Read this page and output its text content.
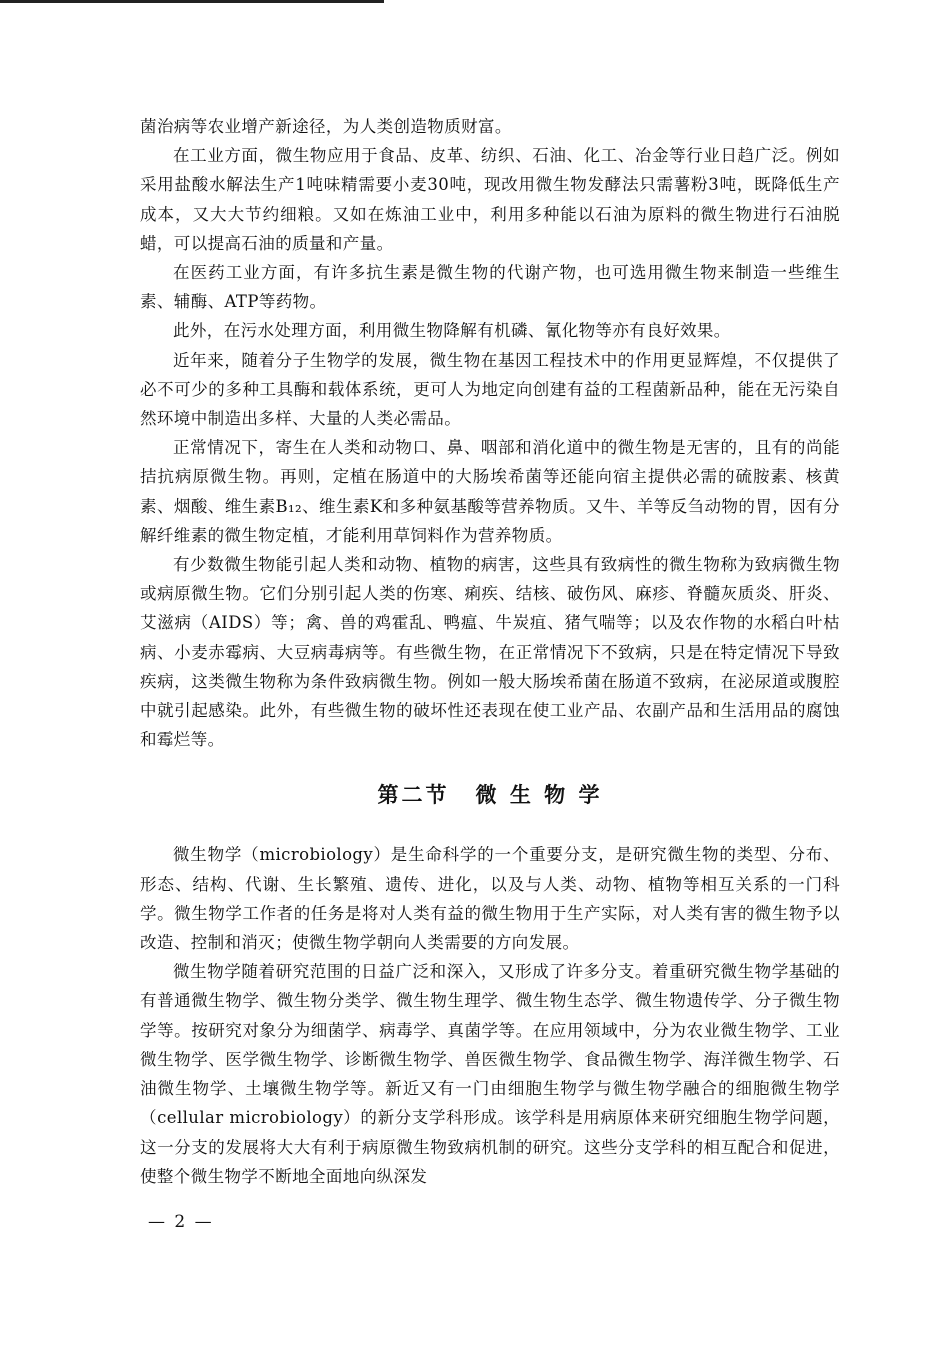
菌治病等农业增产新途径，为人类创造物质财富。

在工业方面，微生物应用于食品、皮革、纺织、石油、化工、冶金等行业日趋广泛。例如采用盐酸水解法生产1吨味精需要小麦30吨，现改用微生物发酵法只需薯粉3吨，既降低生产成本，又大大节约细粮。又如在炼油工业中，利用多种能以石油为原料的微生物进行石油脱蜡，可以提高石油的质量和产量。

在医药工业方面，有许多抗生素是微生物的代谢产物，也可选用微生物来制造一些维生素、辅酶、ATP等药物。

此外，在污水处理方面，利用微生物降解有机磷、氰化物等亦有良好效果。

近年来，随着分子生物学的发展，微生物在基因工程技术中的作用更显辉煌，不仅提供了必不可少的多种工具酶和载体系统，更可人为地定向创建有益的工程菌新品种，能在无污染自然环境中制造出多样、大量的人类必需品。

正常情况下，寄生在人类和动物口、鼻、咽部和消化道中的微生物是无害的，且有的尚能拮抗病原微生物。再则，定植在肠道中的大肠埃希菌等还能向宿主提供必需的硫胺素、核黄素、烟酸、维生素B₁₂、维生素K和多种氨基酸等营养物质。又牛、羊等反刍动物的胃，因有分解纤维素的微生物定植，才能利用草饲料作为营养物质。

有少数微生物能引起人类和动物、植物的病害，这些具有致病性的微生物称为致病微生物或病原微生物。它们分别引起人类的伤寒、痢疾、结核、破伤风、麻疹、脊髓灰质炎、肝炎、艾滋病（AIDS）等；禽、兽的鸡霍乱、鸭瘟、牛炭疽、猪气喘等；以及农作物的水稻白叶枯病、小麦赤霉病、大豆病毒病等。有些微生物，在正常情况下不致病，只是在特定情况下导致疾病，这类微生物称为条件致病微生物。例如一般大肠埃希菌在肠道不致病，在泌尿道或腹腔中就引起感染。此外，有些微生物的破坏性还表现在使工业产品、农副产品和生活用品的腐蚀和霉烂等。

第二节 微 生 物 学

微生物学（microbiology）是生命科学的一个重要分支，是研究微生物的类型、分布、形态、结构、代谢、生长繁殖、遗传、进化，以及与人类、动物、植物等相互关系的一门科学。微生物学工作者的任务是将对人类有益的微生物用于生产实际，对人类有害的微生物予以改造、控制和消灭；使微生物学朝向人类需要的方向发展。

微生物学随着研究范围的日益广泛和深入，又形成了许多分支。着重研究微生物学基础的有普通微生物学、微生物分类学、微生物生理学、微生物生态学、微生物遗传学、分子微生物学等。按研究对象分为细菌学、病毒学、真菌学等。在应用领域中，分为农业微生物学、工业微生物学、医学微生物学、诊断微生物学、兽医微生物学、食品微生物学、海洋微生物学、石油微生物学、土壤微生物学等。新近又有一门由细胞生物学与微生物学融合的细胞微生物学（cellular microbiology）的新分支学科形成。该学科是用病原体来研究细胞生物学问题，这一分支的发展将大大有利于病原微生物致病机制的研究。这些分支学科的相互配合和促进，使整个微生物学不断地全面地向纵深发

— 2 —
